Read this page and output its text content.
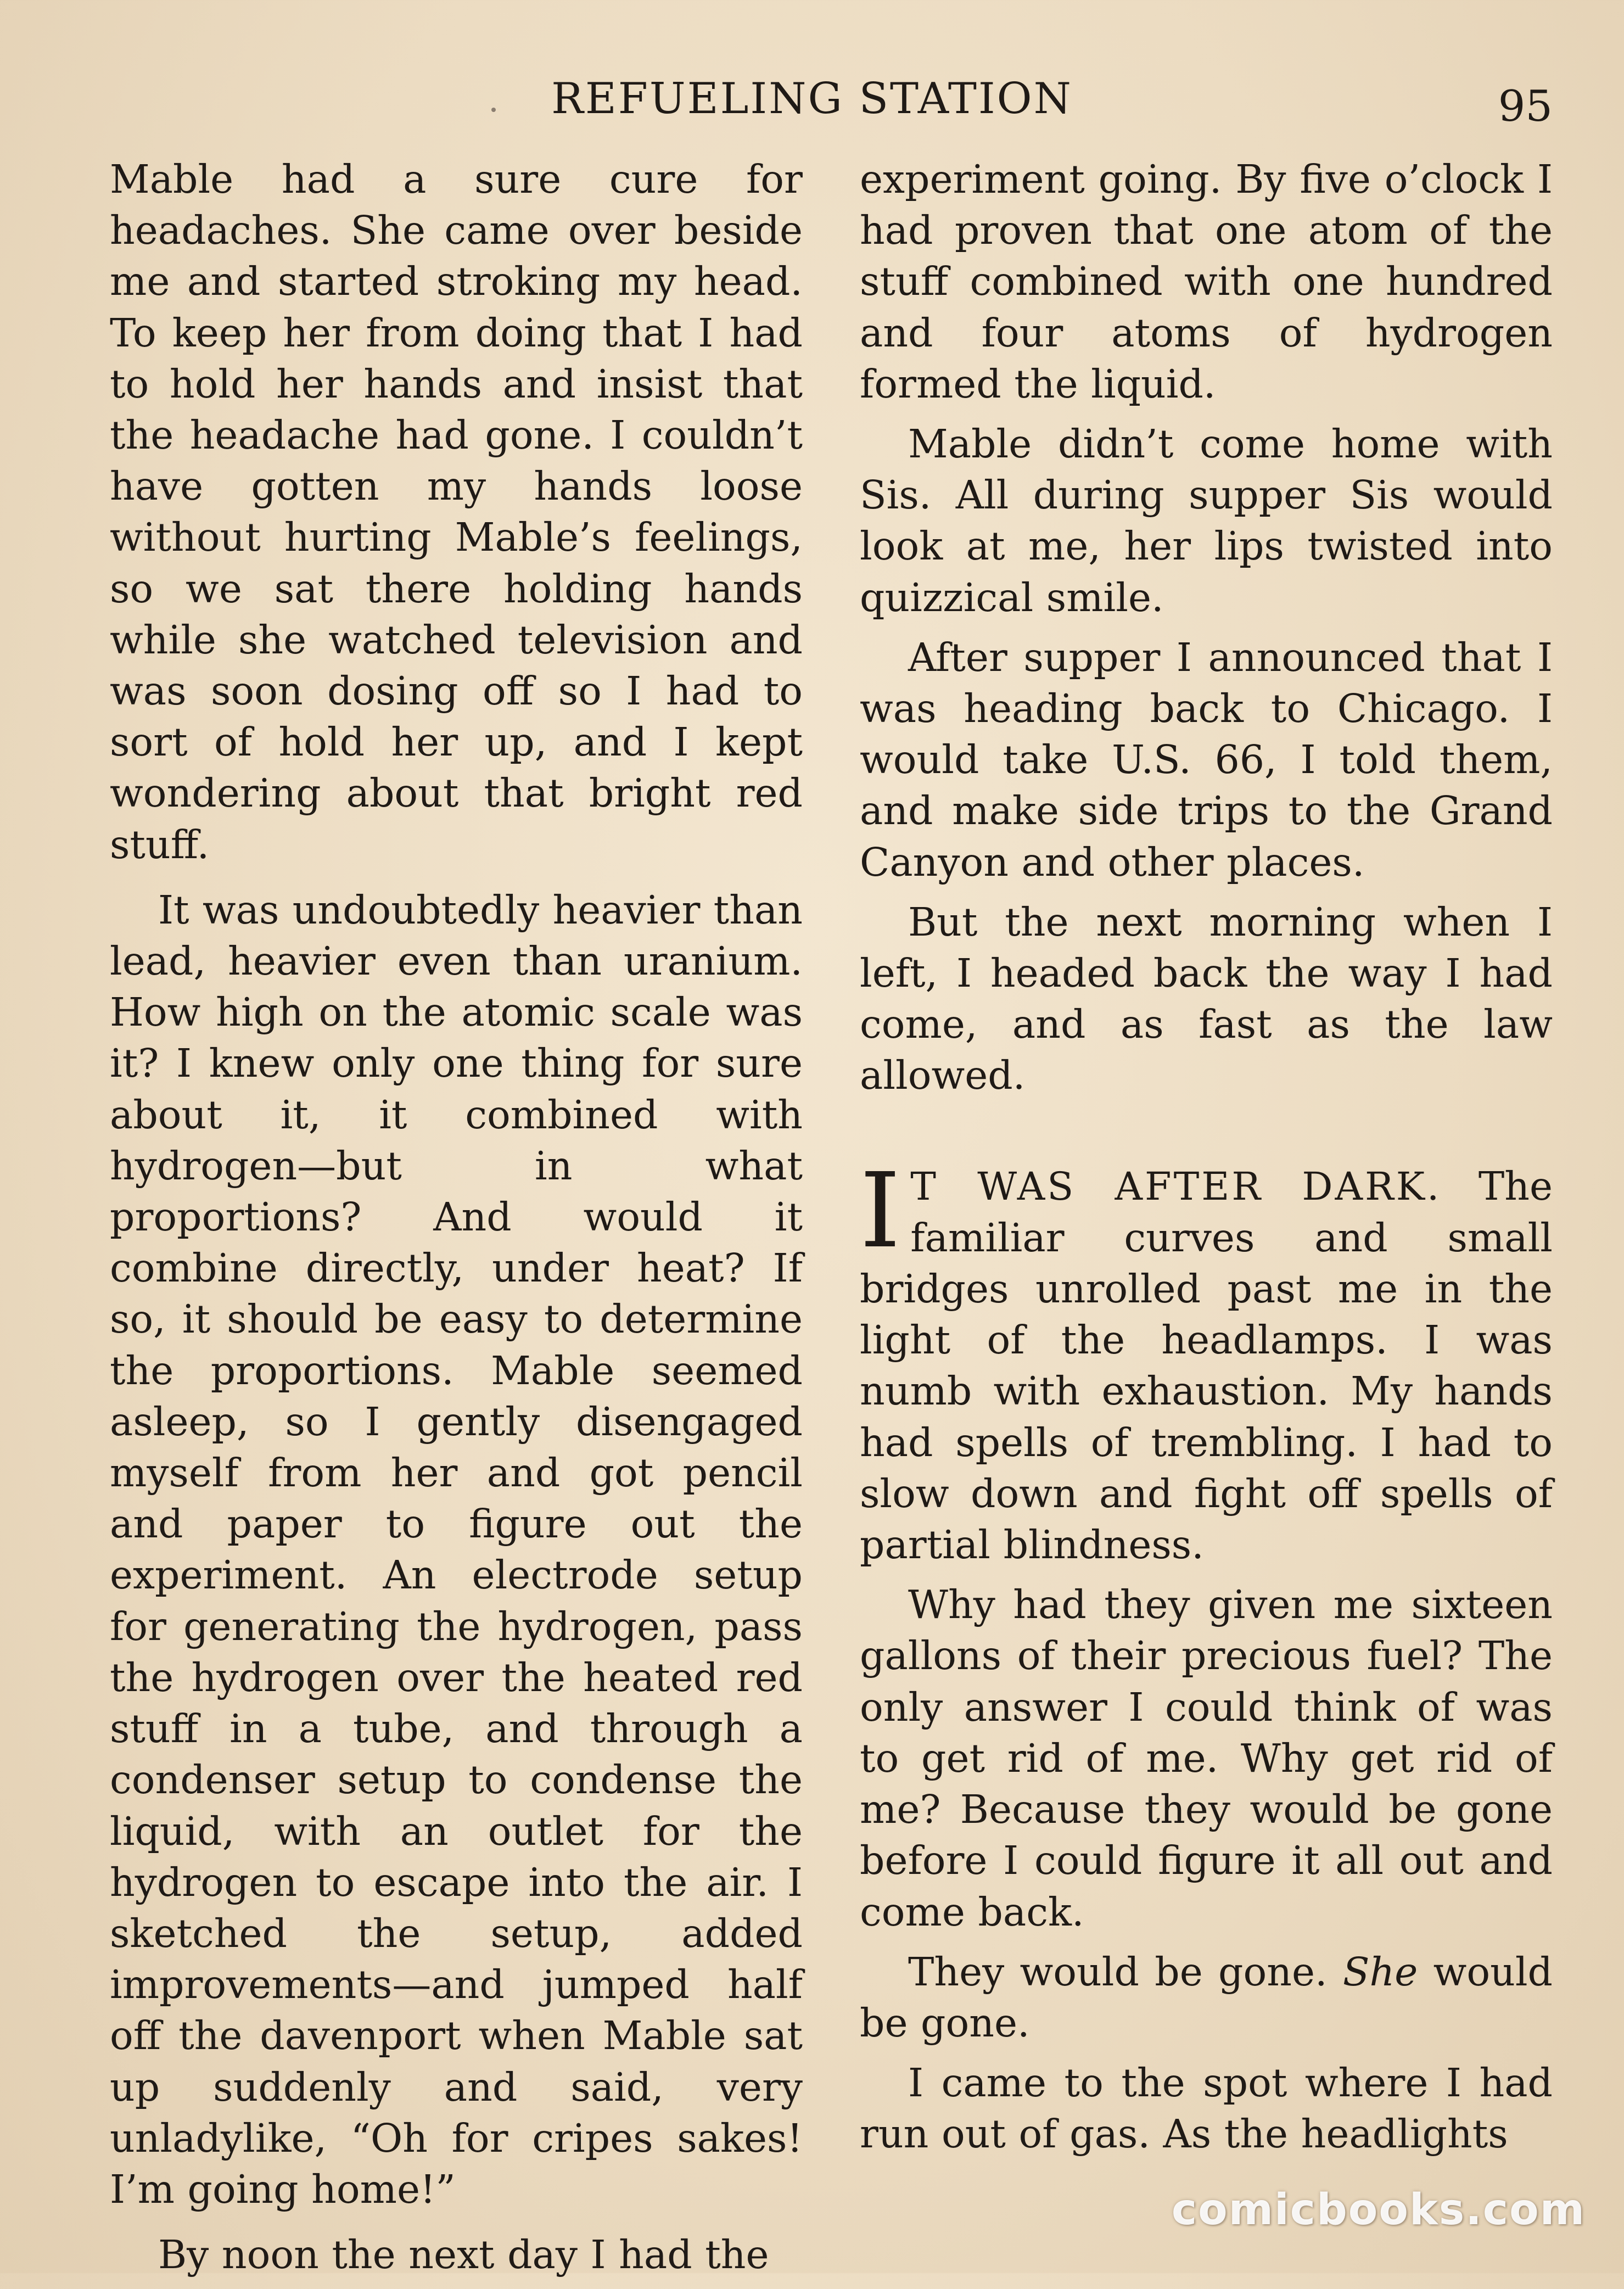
REFUELING STATION	95

Mable had a sure cure for headaches. She came over beside me and started stroking my head. To keep her from doing that I had to hold her hands and insist that the headache had gone. I couldn’t have gotten my hands loose without hurting Mable’s feelings, so we sat there holding hands while she watched television and was soon dosing off so I had to sort of hold her up, and I kept wondering about that bright red stuff.

It was undoubtedly heavier than lead, heavier even than uranium. How high on the atomic scale was it? I knew only one thing for sure about it, it combined with hydrogen—but in what proportions? And would it combine directly, under heat? If so, it should be easy to determine the proportions. Mable seemed asleep, so I gently disengaged myself from her and got pencil and paper to figure out the experiment. An electrode setup for generating the hydrogen, pass the hydrogen over the heated red stuff in a tube, and through a condenser setup to condense the liquid, with an outlet for the hydrogen to escape into the air. I sketched the setup, added improvements—and jumped half off the davenport when Mable sat up suddenly and said, very unladylike, “Oh for cripes sakes! I’m going home!”

By noon the next day I had the

experiment going. By five o’clock I had proven that one atom of the stuff combined with one hundred and four atoms of hydrogen formed the liquid.

Mable didn’t come home with Sis. All during supper Sis would look at me, her lips twisted into quizzical smile.

After supper I announced that I was heading back to Chicago. I would take U.S. 66, I told them, and make side trips to the Grand Canyon and other places.

But the next morning when I left, I headed back the way I had come, and as fast as the law allowed.

I T WAS AFTER DARK. The familiar curves and small bridges unrolled past me in the light of the headlamps. I was numb with exhaustion. My hands had spells of trembling. I had to slow down and fight off spells of partial blindness.

Why had they given me sixteen gallons of their precious fuel? The only answer I could think of was to get rid of me. Why get rid of me? Because they would be gone before I could figure it all out and come back.

They would be gone. She would be gone.

I came to the spot where I had run out of gas. As the headlights

comicbooks.com
